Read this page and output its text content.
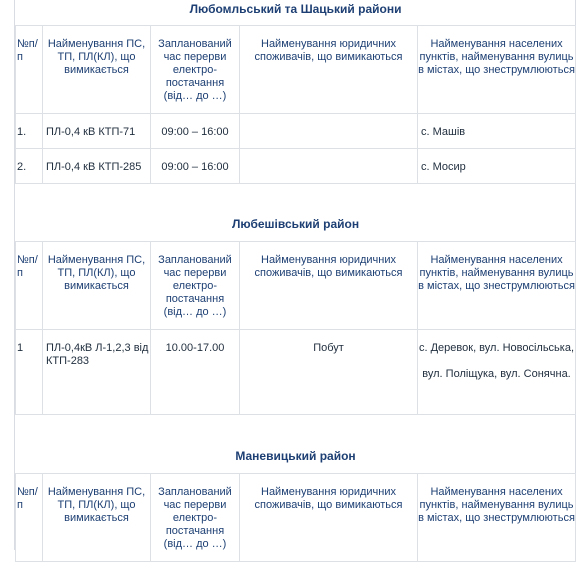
Любомльський та Шацький райони				
№п/п	Найменування ПС, ТП, ПЛ(КЛ), що вимикається	Запланований час перерви електро-постачання (від… до …)	Найменування юридичних споживачів, що вимикаються	Найменування населених пунктів, найменування вулиць в містах, що знеструмлюються
1.	ПЛ-0,4 кВ КТП-71	09:00 – 16:00		с. Машів
2.	ПЛ-0,4 кВ КТП-285	09:00 – 16:00		с. Мосир
Любешівський район				
№п/п	Найменування ПС, ТП, ПЛ(КЛ), що вимикається	Запланований час перерви електро-постачання (від… до …)	Найменування юридичних споживачів, що вимикаються	Найменування населених пунктів, найменування вулиць в містах, що знеструмлюються
1	ПЛ-0,4кВ Л-1,2,3 від КТП-283	10.00-17.00	Побут	с. Деревок, вул. Новосільська,
вул. Поліщука, вул. Сонячна.

Маневицький район				
№п/п	Найменування ПС, ТП, ПЛ(КЛ), що вимикається	Запланований час перерви електро-постачання (від… до …)	Найменування юридичних споживачів, що вимикаються	Найменування населених пунктів, найменування вулиць в містах, що знеструмлюються
